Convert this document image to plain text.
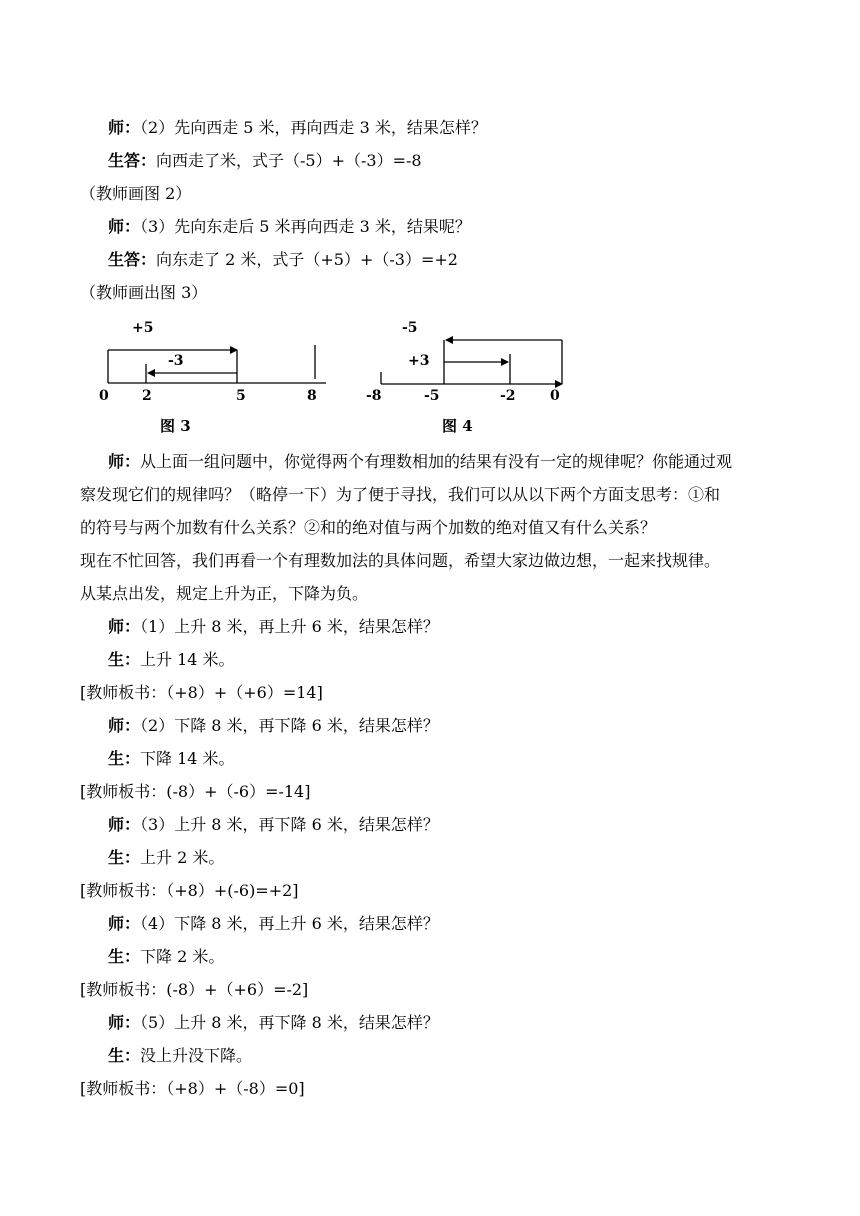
师：（2）先向西走 5 米，再向西走 3 米，结果怎样？
生答：向西走了米，式子（-5）+（-3）=-8
（教师画图 2）
师：（3）先向东走后 5 米再向西走 3 米，结果呢？
生答：向东走了 2 米，式子（+5）+（-3）=+2
（教师画出图 3）
+5
-3
0 2	5	8
图 3
-5
+3
-8	-5	-2 0
图 4
师：从上面一组问题中，你觉得两个有理数相加的结果有没有一定的规律呢？你能通过观
察发现它们的规律吗？（略停一下）为了便于寻找，我们可以从以下两个方面支思考：①和
的符号与两个加数有什么关系？②和的绝对值与两个加数的绝对值又有什么关系？
现在不忙回答，我们再看一个有理数加法的具体问题，希望大家边做边想，一起来找规律。
从某点出发，规定上升为正，下降为负。
师：（1）上升 8 米，再上升 6 米，结果怎样？
生：上升 14 米。
[教师板书：（+8）+（+6）=14]
师：（2）下降 8 米，再下降 6 米，结果怎样？
生：下降 14 米。
[教师板书：(-8）+（-6）=-14]
师：（3）上升 8 米，再下降 6 米，结果怎样？
生：上升 2 米。
[教师板书：（+8）+(-6)=+2]
师：（4）下降 8 米，再上升 6 米，结果怎样？
生：下降 2 米。
[教师板书：(-8）+（+6）=-2]
师：（5）上升 8 米，再下降 8 米，结果怎样？
生：没上升没下降。
[教师板书：（+8）+（-8）=0]
